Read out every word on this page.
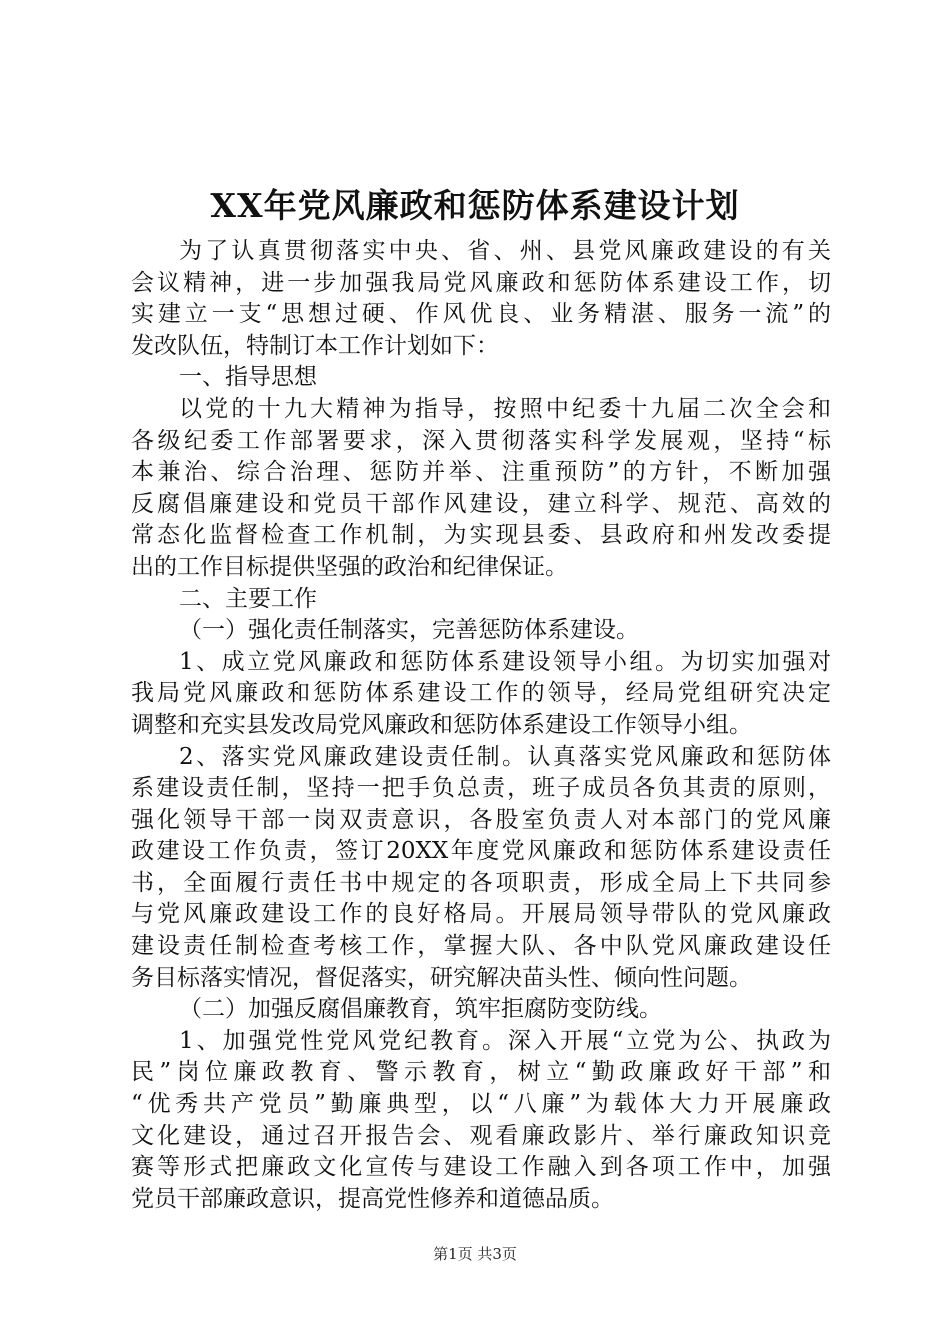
XX年党风廉政和惩防体系建设计划
为了认真贯彻落实中央、省、州、县党风廉政建设的有关
会议精神，进一步加强我局党风廉政和惩防体系建设工作，切
实建立一支“思想过硬、作风优良、业务精湛、服务一流”的
发改队伍，特制订本工作计划如下：
一、指导思想
以党的十九大精神为指导，按照中纪委十九届二次全会和
各级纪委工作部署要求，深入贯彻落实科学发展观，坚持“标
本兼治、综合治理、惩防并举、注重预防”的方针，不断加强
反腐倡廉建设和党员干部作风建设，建立科学、规范、高效的
常态化监督检查工作机制，为实现县委、县政府和州发改委提
出的工作目标提供坚强的政治和纪律保证。
二、主要工作
（一）强化责任制落实，完善惩防体系建设。
1、成立党风廉政和惩防体系建设领导小组。为切实加强对
我局党风廉政和惩防体系建设工作的领导，经局党组研究决定
调整和充实县发改局党风廉政和惩防体系建设工作领导小组。
2、落实党风廉政建设责任制。认真落实党风廉政和惩防体
系建设责任制，坚持一把手负总责，班子成员各负其责的原则，
强化领导干部一岗双责意识，各股室负责人对本部门的党风廉
政建设工作负责，签订20XX年度党风廉政和惩防体系建设责任
书，全面履行责任书中规定的各项职责，形成全局上下共同参
与党风廉政建设工作的良好格局。开展局领导带队的党风廉政
建设责任制检查考核工作，掌握大队、各中队党风廉政建设任
务目标落实情况，督促落实，研究解决苗头性、倾向性问题。
（二）加强反腐倡廉教育，筑牢拒腐防变防线。
1、加强党性党风党纪教育。深入开展“立党为公、执政为
民”岗位廉政教育、警示教育，树立“勤政廉政好干部”和
“优秀共产党员”勤廉典型，以“八廉”为载体大力开展廉政
文化建设，通过召开报告会、观看廉政影片、举行廉政知识竞
赛等形式把廉政文化宣传与建设工作融入到各项工作中，加强
党员干部廉政意识，提高党性修养和道德品质。
第1页 共3页
